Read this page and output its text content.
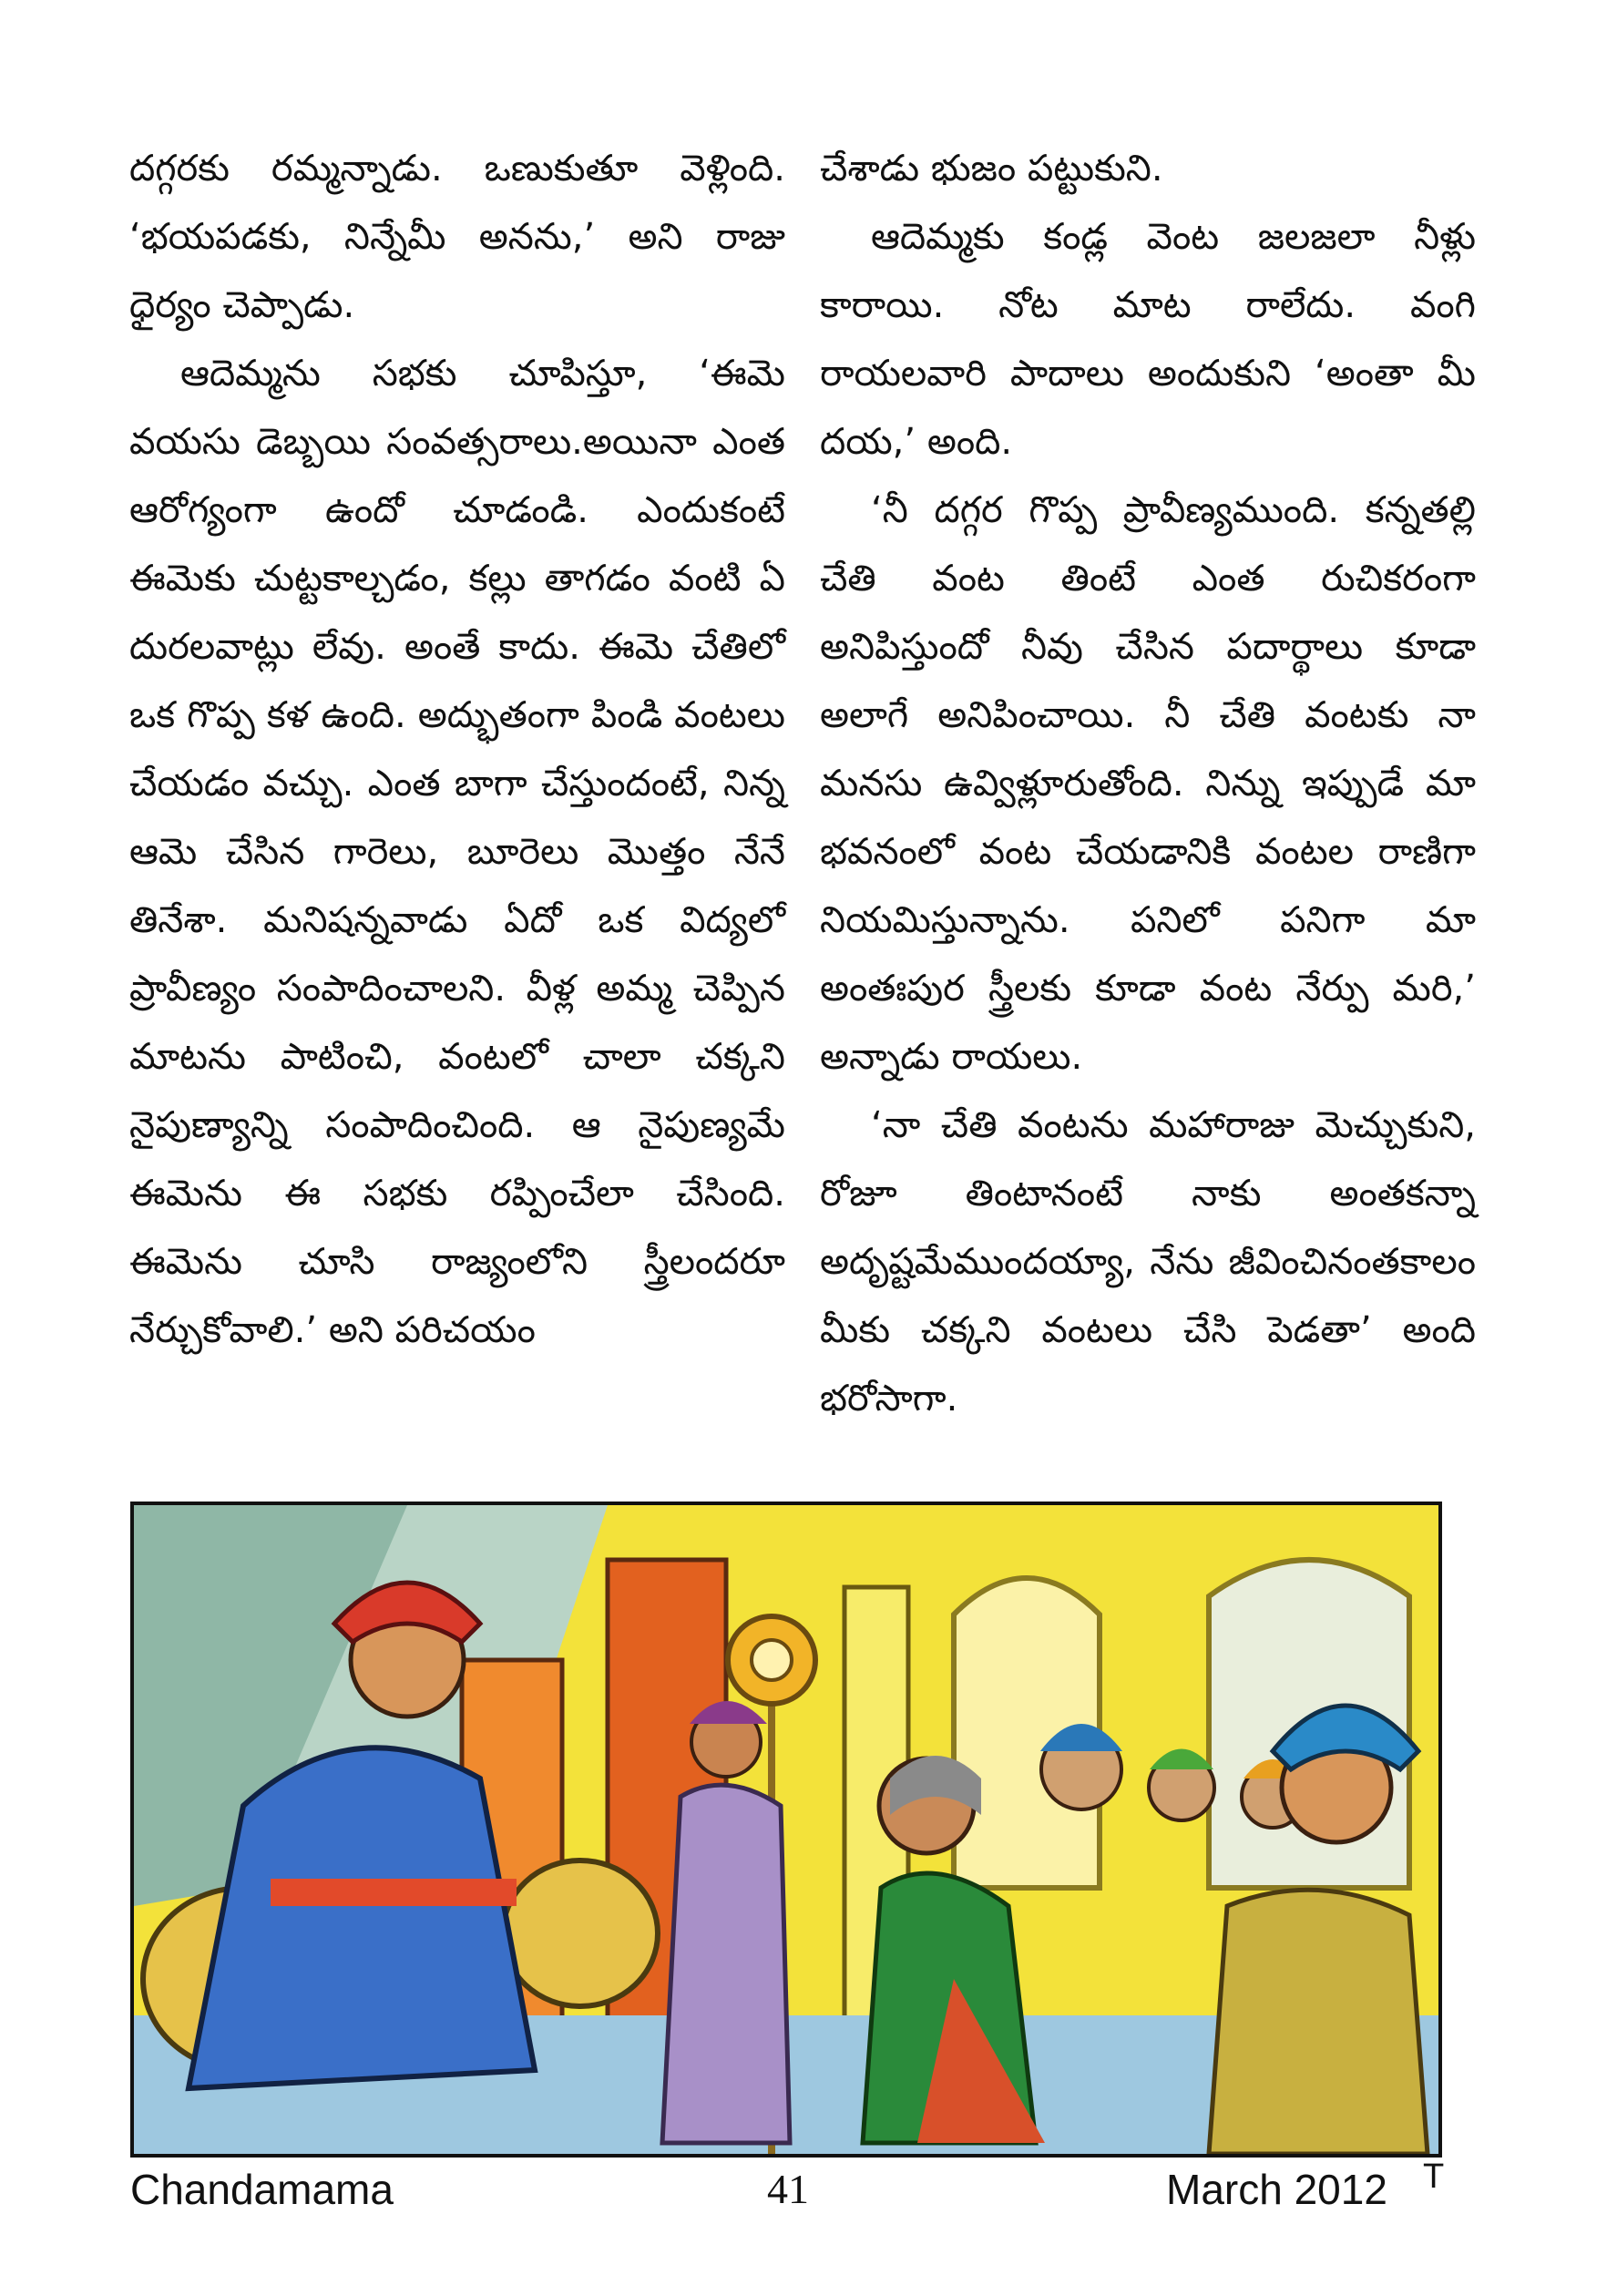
దగ్గరకు రమ్మన్నాడు. ఒణుకుతూ వెళ్లింది. ‘భయపడకు, నిన్నేమీ అనను,’ అని రాజు ధైర్యం చెప్పాడు.

ఆదెమ్మను సభకు చూపిస్తూ, ‘ఈమె వయసు డెబ్బయి సంవత్సరాలు.అయినా ఎంత ఆరోగ్యంగా ఉందో చూడండి. ఎందుకంటే ఈమెకు చుట్టకాల్చడం, కల్లు తాగడం వంటి ఏ దురలవాట్లు లేవు. అంతే కాదు. ఈమె చేతిలో ఒక గొప్ప కళ ఉంది. అద్భుతంగా పిండి వంటలు చేయడం వచ్చు. ఎంత బాగా చేస్తుందంటే, నిన్న ఆమె చేసిన గారెలు, బూరెలు మొత్తం నేనే తినేశా. మనిషన్నవాడు ఏదో ఒక విద్యలో ప్రావీణ్యం సంపాదించాలని. వీళ్ల అమ్మ చెప్పిన మాటను పాటించి, వంటలో చాలా చక్కని నైపుణ్యాన్ని సంపాదించింది. ఆ నైపుణ్యమే ఈమెను ఈ సభకు రప్పించేలా చేసింది. ఈమెను చూసి రాజ్యంలోని స్త్రీలందరూ నేర్చుకోవాలి.’ అని పరిచయం

చేశాడు భుజం పట్టుకుని.

ఆదెమ్మకు కండ్ల వెంట జలజలా నీళ్లు కారాయి. నోట మాట రాలేదు. వంగి రాయలవారి పాదాలు అందుకుని ‘అంతా మీ దయ,’ అంది.

‘నీ దగ్గర గొప్ప ప్రావీణ్యముంది. కన్నతల్లి చేతి వంట తింటే ఎంత రుచికరంగా అనిపిస్తుందో నీవు చేసిన పదార్థాలు కూడా అలాగే అనిపించాయి. నీ చేతి వంటకు నా మనసు ఉవ్విళ్లూరుతోంది. నిన్ను ఇప్పుడే మా భవనంలో వంట చేయడానికి వంటల రాణిగా నియమిస్తున్నాను. పనిలో పనిగా మా అంతఃపుర స్త్రీలకు కూడా వంట నేర్పు మరి,’ అన్నాడు రాయలు.

‘నా చేతి వంటను మహారాజు మెచ్చుకుని, రోజూ తింటానంటే నాకు అంతకన్నా అదృష్టమేముందయ్యా, నేను జీవించినంతకాలం మీకు చక్కని వంటలు చేసి పెడతా’ అంది భరోసాగా.

Chandamama	41	March 2012 T
